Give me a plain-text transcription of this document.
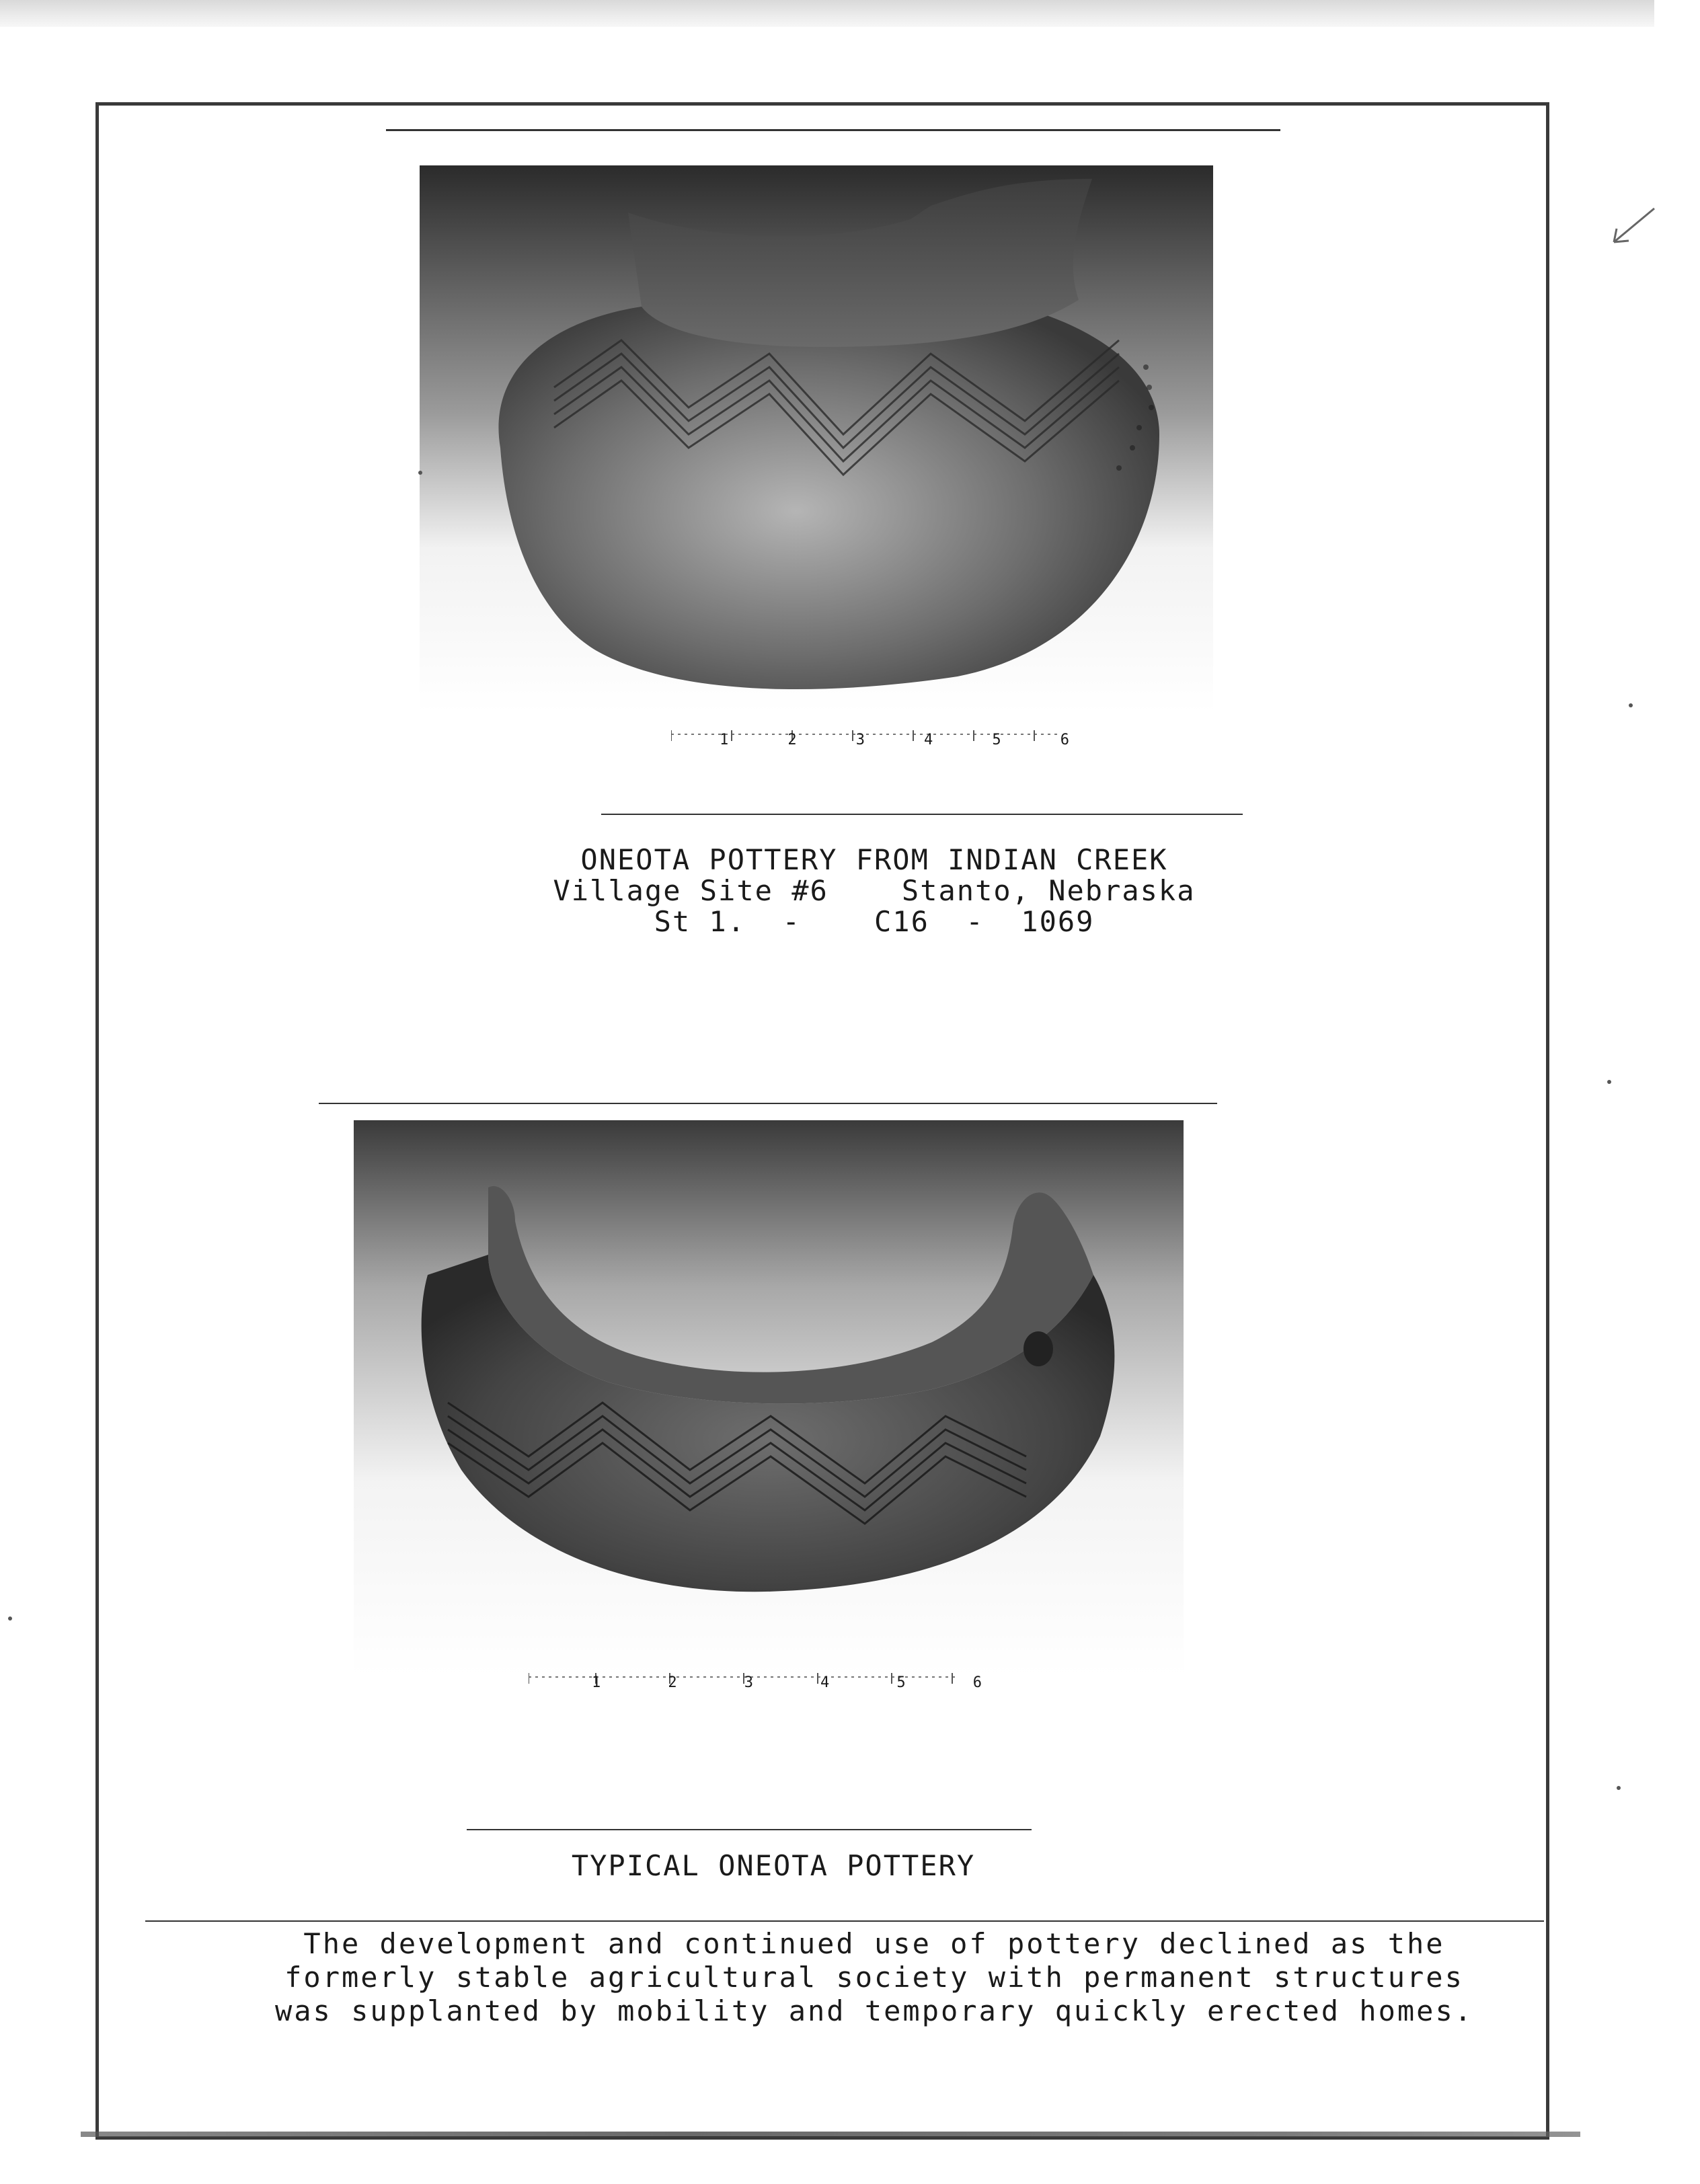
1	2	3	4	5	6
ONEOTA POTTERY FROM INDIAN CREEK
Village Site #6    Stanto, Nebraska
St 1.  -    C16  -  1069
1	2	3	4	5	6
TYPICAL ONEOTA POTTERY
The development and continued use of pottery declined as the
formerly stable agricultural society with permanent structures
was supplanted by mobility and temporary quickly erected homes.
